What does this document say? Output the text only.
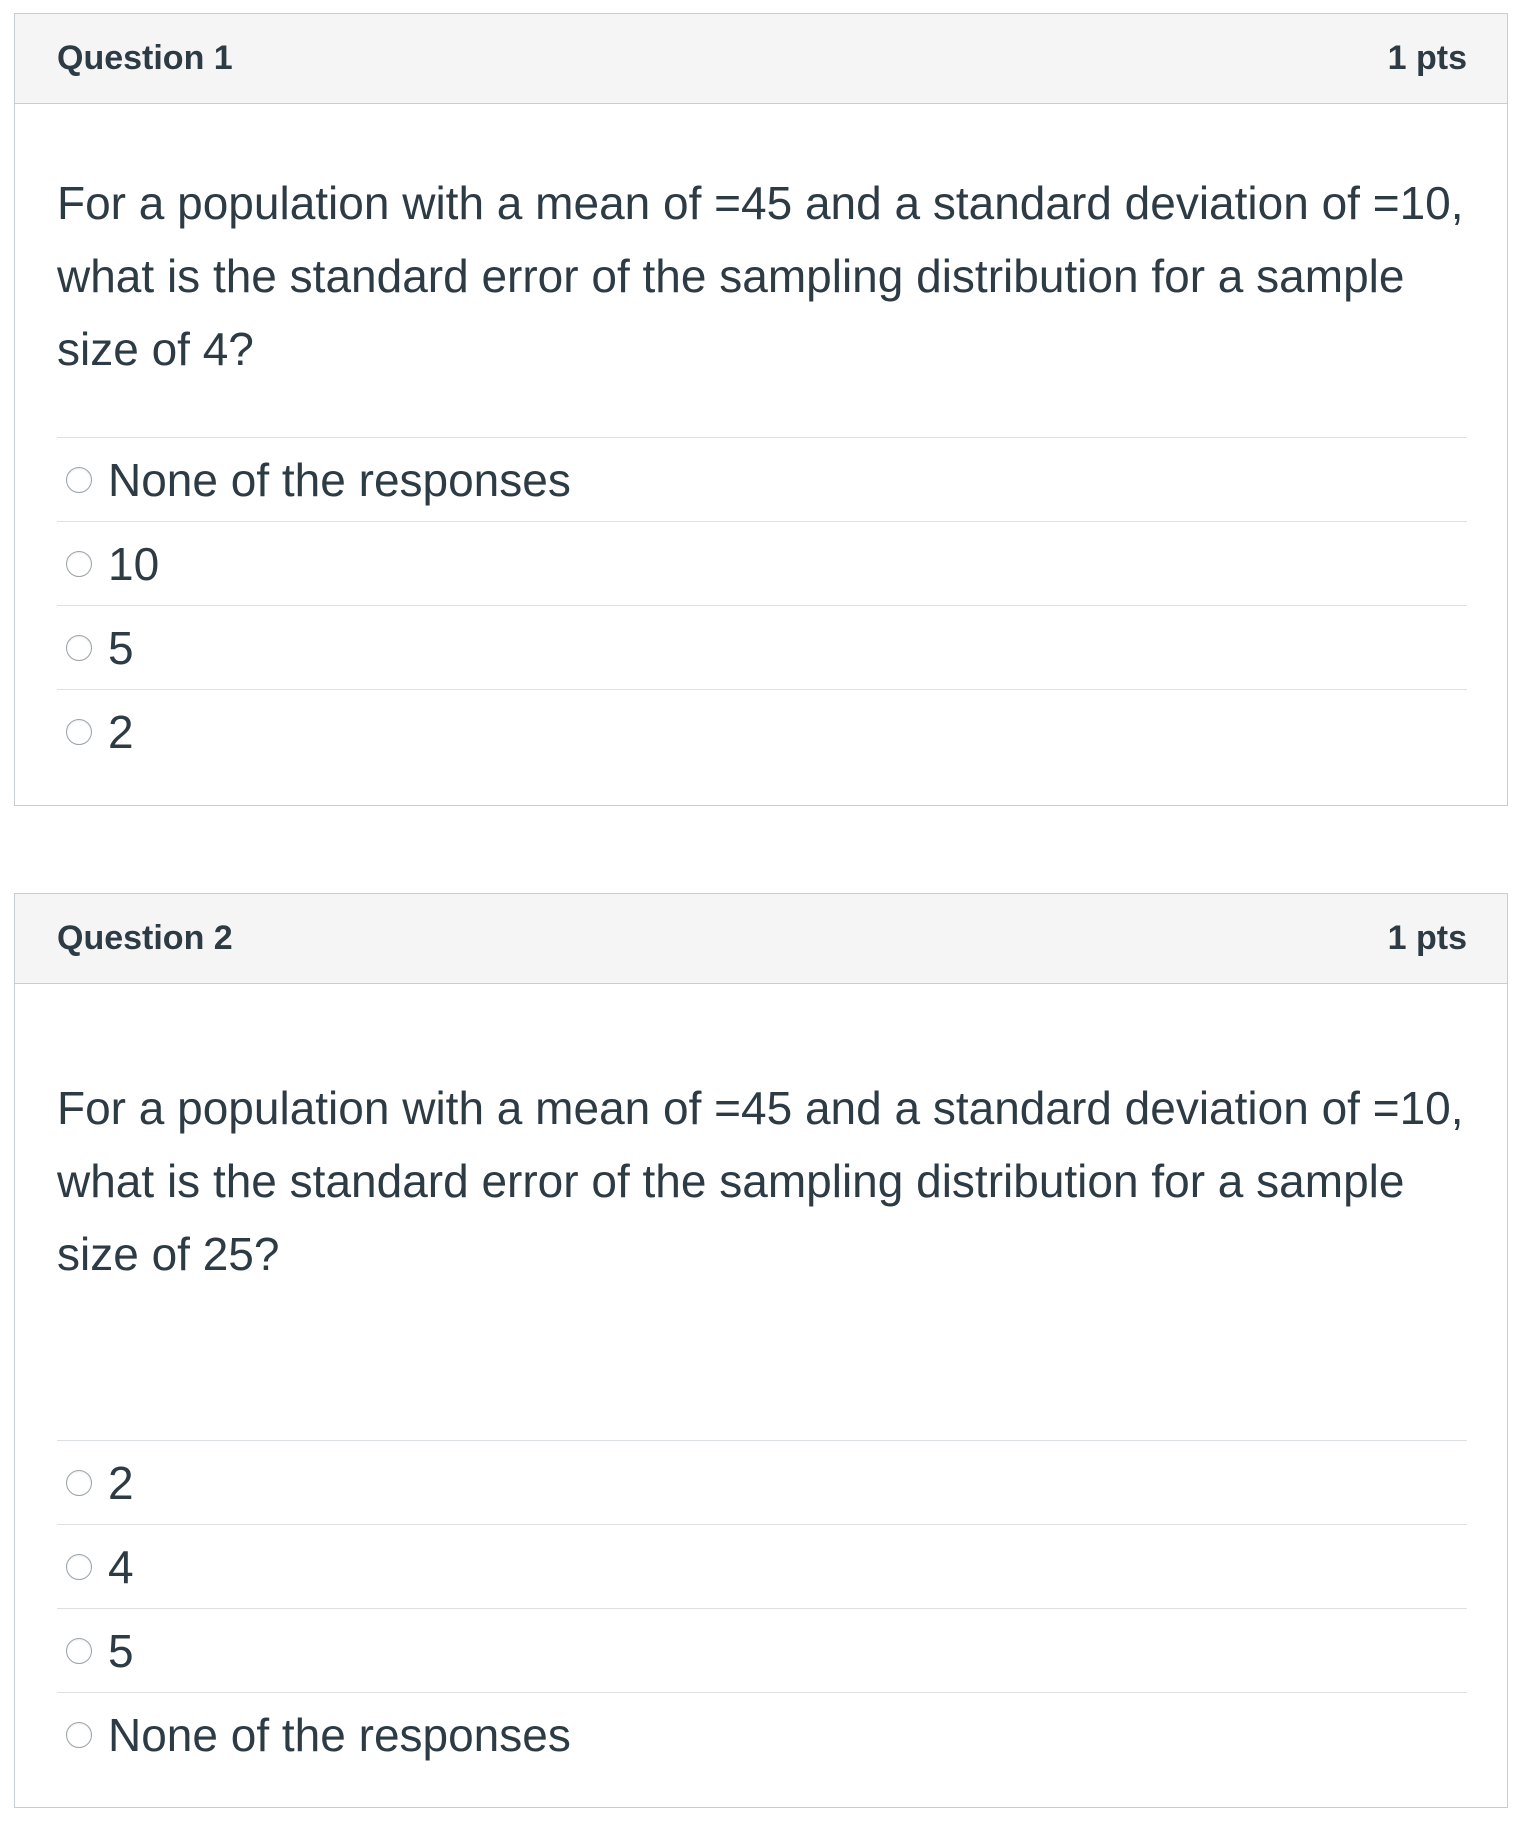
Question 1	1 pts

For a population with a mean of =45 and a standard deviation of =10, what is the standard error of the sampling distribution for a sample size of 4?

None of the responses
10
5
2
Question 2	1 pts

For a population with a mean of =45 and a standard deviation of =10, what is the standard error of the sampling distribution for a sample size of 25?

2
4
5
None of the responses
